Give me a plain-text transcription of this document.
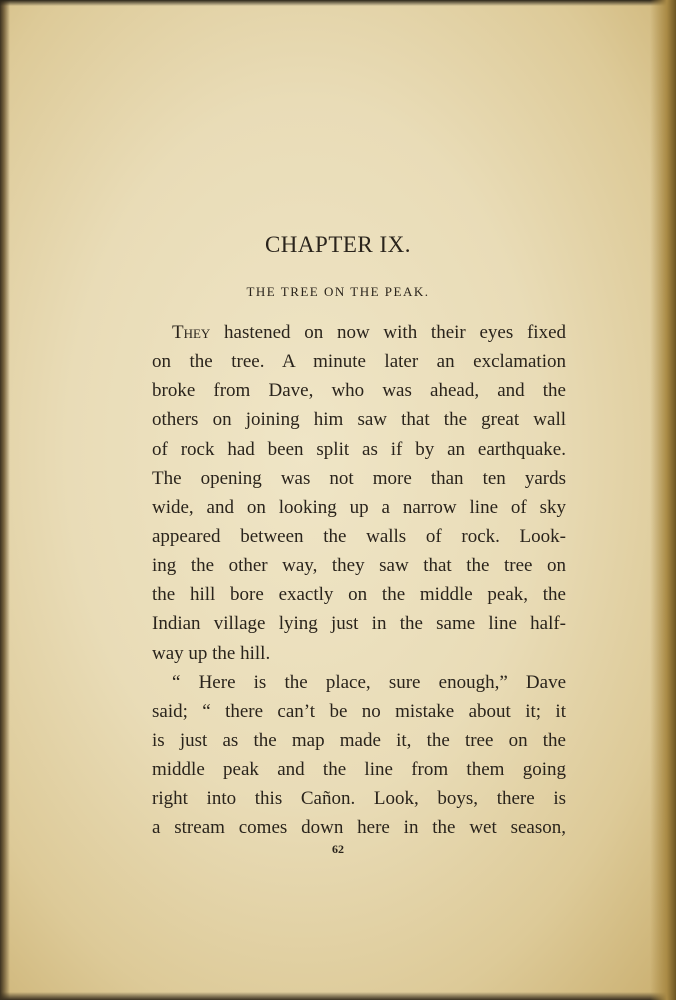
CHAPTER IX.
THE TREE ON THE PEAK.
They hastened on now with their eyes fixed
on the tree. A minute later an exclamation
broke from Dave, who was ahead, and the
others on joining him saw that the great wall
of rock had been split as if by an earthquake.
The opening was not more than ten yards
wide, and on looking up a narrow line of sky
appeared between the walls of rock. Look-
ing the other way, they saw that the tree on
the hill bore exactly on the middle peak, the
Indian village lying just in the same line half-
way up the hill.
“ Here is the place, sure enough,” Dave
said; “ there can’t be no mistake about it; it
is just as the map made it, the tree on the
middle peak and the line from them going
right into this Cañon. Look, boys, there is
a stream comes down here in the wet season,
62
